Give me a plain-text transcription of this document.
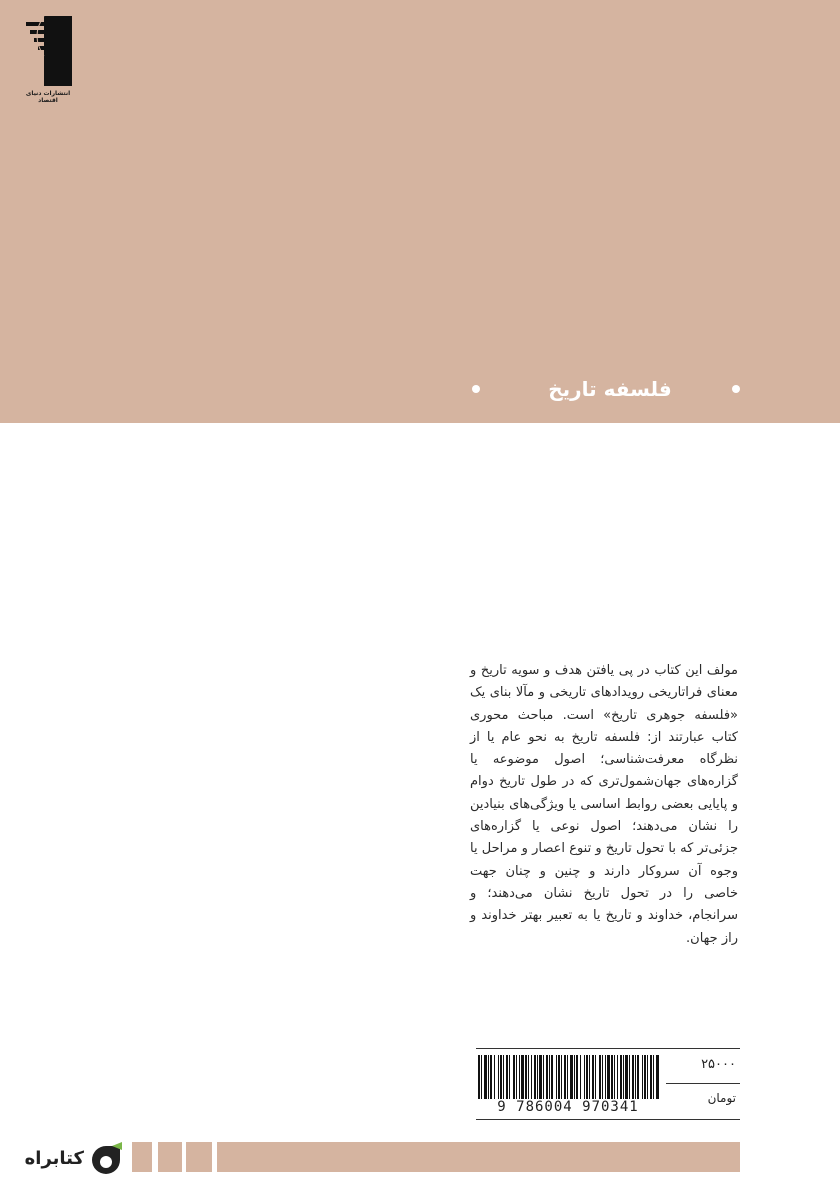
انتشارات دنیای اقتصاد
فلسفه تاریخ
مولف این کتاب در پی یافتن هدف و سویه تاریخ و معنای فراتاریخی رویدادهای تاریخی و مآلا بنای یک «فلسفه جوهری تاریخ» است. مباحث محوری کتاب عبارتند از: فلسفه تاریخ به نحو عام یا از نظرگاه معرفت‌شناسی؛ اصول موضوعه یا گزاره‌های جهان‌شمول‌تری که در طول تاریخ دوام و پایایی بعضی روابط اساسی یا ویژگی‌های بنیادین را نشان می‌دهند؛ اصول نوعی یا گزاره‌های جزئی‌تر که با تحول تاریخ و تنوع اعصار و مراحل یا وجوه آن سروکار دارند و چنین و چنان جهت خاصی را در تحول تاریخ نشان می‌دهند؛ و سرانجام، خداوند و تاریخ یا به تعبیر بهتر خداوند و راز جهان.
9 786004 970341
۲۵۰۰۰
تومان
کتابراه
